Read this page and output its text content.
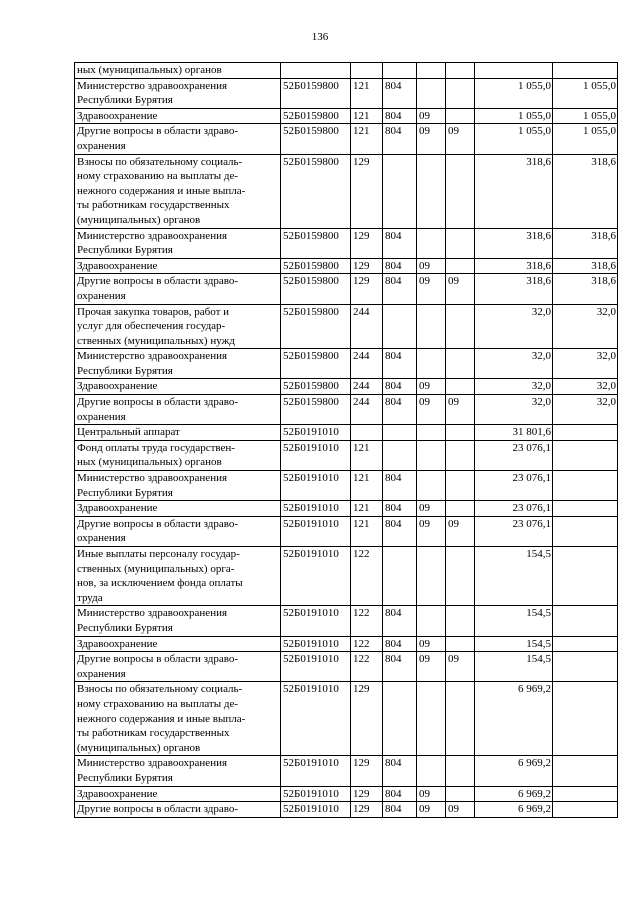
136
ных (муниципальных) органов							
Министерство здравоохранения
Республики Бурятия	52Б0159800	121	804			1 055,0	1 055,0
Здравоохранение	52Б0159800	121	804	09		1 055,0	1 055,0
Другие вопросы в области здраво-
охранения	52Б0159800	121	804	09	09	1 055,0	1 055,0
Взносы по обязательному социаль-
ному страхованию на выплаты де-
нежного содержания и иные выпла-
ты работникам государственных
(муниципальных) органов	52Б0159800	129				318,6	318,6
Министерство здравоохранения
Республики Бурятия	52Б0159800	129	804			318,6	318,6
Здравоохранение	52Б0159800	129	804	09		318,6	318,6
Другие вопросы в области здраво-
охранения	52Б0159800	129	804	09	09	318,6	318,6
Прочая закупка товаров, работ и
услуг для обеспечения государ-
ственных (муниципальных) нужд	52Б0159800	244				32,0	32,0
Министерство здравоохранения
Республики Бурятия	52Б0159800	244	804			32,0	32,0
Здравоохранение	52Б0159800	244	804	09		32,0	32,0
Другие вопросы в области здраво-
охранения	52Б0159800	244	804	09	09	32,0	32,0
Центральный аппарат	52Б0191010					31 801,6	
Фонд оплаты труда государствен-
ных (муниципальных) органов	52Б0191010	121				23 076,1	
Министерство здравоохранения
Республики Бурятия	52Б0191010	121	804			23 076,1	
Здравоохранение	52Б0191010	121	804	09		23 076,1	
Другие вопросы в области здраво-
охранения	52Б0191010	121	804	09	09	23 076,1	
Иные выплаты персоналу государ-
ственных (муниципальных) орга-
нов, за исключением фонда оплаты
труда	52Б0191010	122				154,5	
Министерство здравоохранения
Республики Бурятия	52Б0191010	122	804			154,5	
Здравоохранение	52Б0191010	122	804	09		154,5	
Другие вопросы в области здраво-
охранения	52Б0191010	122	804	09	09	154,5	
Взносы по обязательному социаль-
ному страхованию на выплаты де-
нежного содержания и иные выпла-
ты работникам государственных
(муниципальных) органов	52Б0191010	129				6 969,2	
Министерство здравоохранения
Республики Бурятия	52Б0191010	129	804			6 969,2	
Здравоохранение	52Б0191010	129	804	09		6 969,2	
Другие вопросы в области здраво-	52Б0191010	129	804	09	09	6 969,2	
